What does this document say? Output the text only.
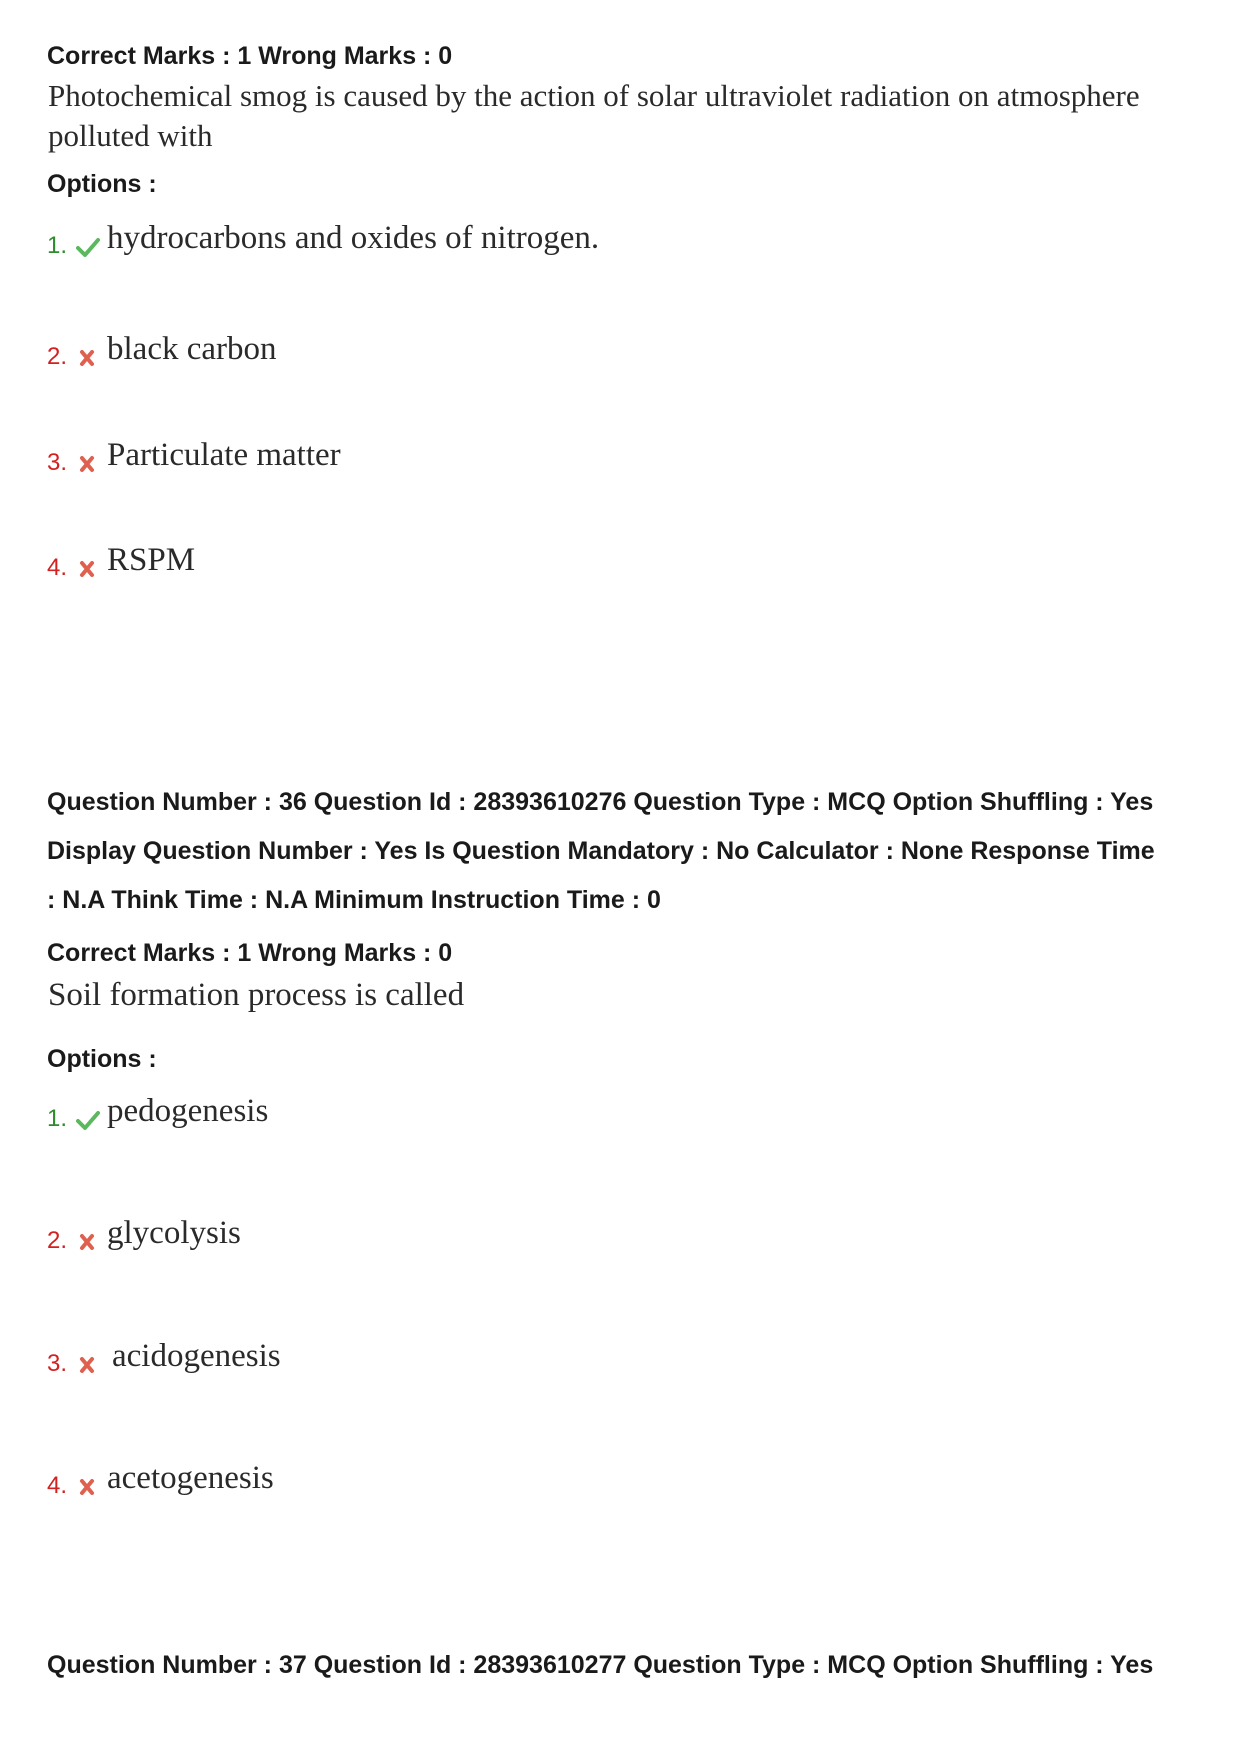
Correct Marks : 1 Wrong Marks : 0
Photochemical smog is caused by the action of solar ultraviolet radiation on atmosphere
polluted with
Options :
1. hydrocarbons and oxides of nitrogen.
2. black carbon
3. Particulate matter
4. RSPM
Question Number : 36 Question Id : 28393610276 Question Type : MCQ Option Shuffling : Yes
Display Question Number : Yes Is Question Mandatory : No Calculator : None Response Time
: N.A Think Time : N.A Minimum Instruction Time : 0
Correct Marks : 1 Wrong Marks : 0
Soil formation process is called
Options :
1. pedogenesis
2. glycolysis
3. acidogenesis
4. acetogenesis
Question Number : 37 Question Id : 28393610277 Question Type : MCQ Option Shuffling : Yes
